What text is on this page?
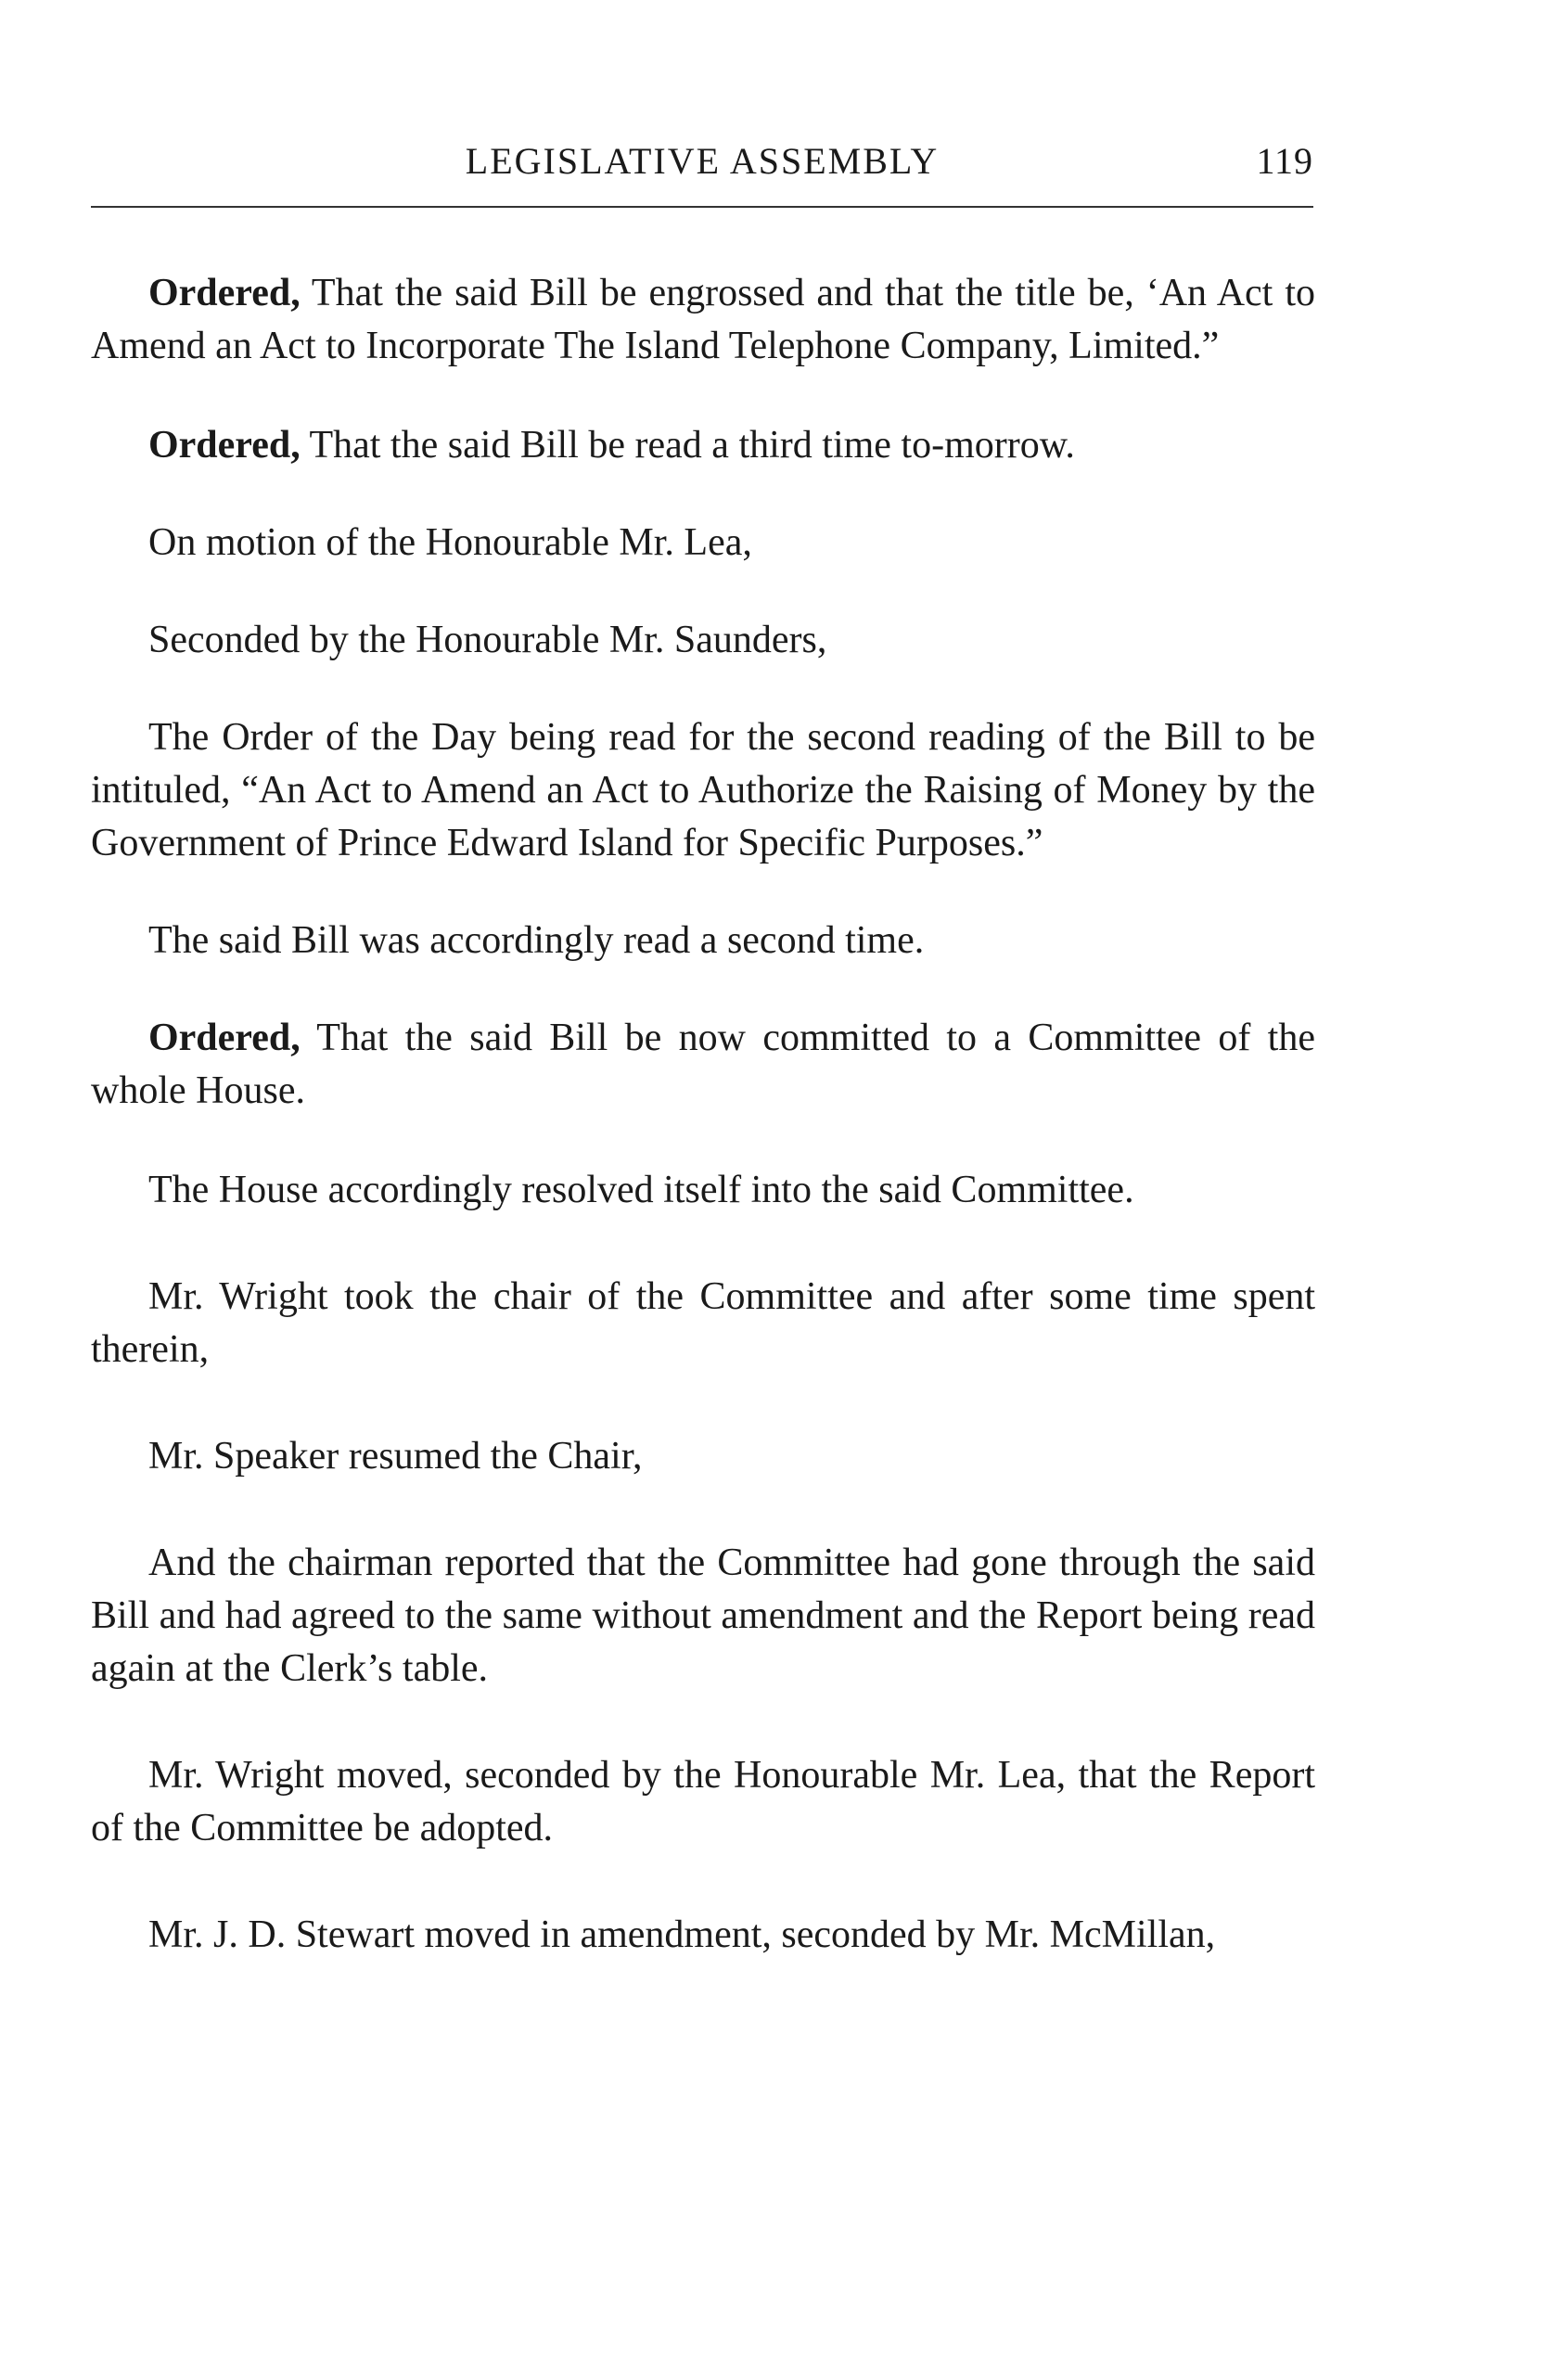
LEGISLATIVE ASSEMBLY	119

Ordered, That the said Bill be engrossed and that the title be, ‘An Act to Amend an Act to Incorporate The Island Telephone Company, Limited.”

Ordered, That the said Bill be read a third time to-morrow.

On motion of the Honourable Mr. Lea,

Seconded by the Honourable Mr. Saunders,

The Order of the Day being read for the second reading of the Bill to be intituled, “An Act to Amend an Act to Authorize the Raising of Money by the Government of Prince Edward Island for Specific Purposes.”

The said Bill was accordingly read a second time.

Ordered, That the said Bill be now committed to a Committee of the whole House.

The House accordingly resolved itself into the said Committee.

Mr. Wright took the chair of the Committee and after some time spent therein,

Mr. Speaker resumed the Chair,

And the chairman reported that the Committee had gone through the said Bill and had agreed to the same without amendment and the Report being read again at the Clerk’s table.

Mr. Wright moved, seconded by the Honourable Mr. Lea, that the Report of the Committee be adopted.

Mr. J. D. Stewart moved in amendment, seconded by Mr. McMillan,
